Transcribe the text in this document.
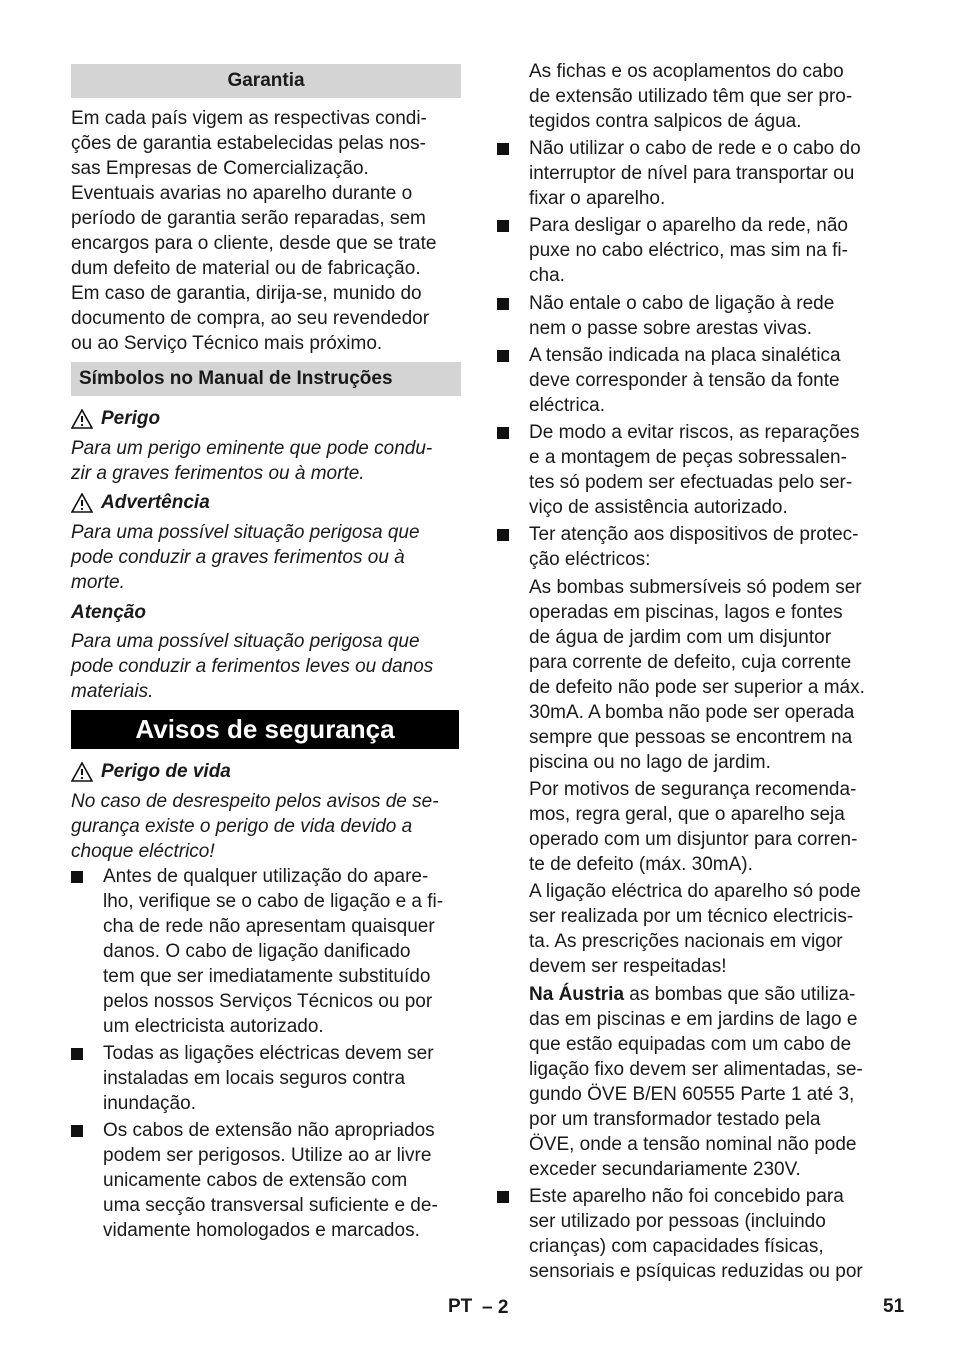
Garantia

Em cada país vigem as respectivas condi-

ções de garantia estabelecidas pelas nos-

sas Empresas de Comercialização.

Eventuais avarias no aparelho durante o

período de garantia serão reparadas, sem

encargos para o cliente, desde que se trate

dum defeito de material ou de fabricação.

Em caso de garantia, dirija-se, munido do

documento de compra, ao seu revendedor

ou ao Serviço Técnico mais próximo.

Símbolos no Manual de Instruções
Perigo

Para um perigo eminente que pode condu-

zir a graves ferimentos ou à morte.

Advertência

Para uma possível situação perigosa que

pode conduzir a graves ferimentos ou à

morte.

Atenção

Para uma possível situação perigosa que

pode conduzir a ferimentos leves ou danos

materiais.

Avisos de segurança
Perigo de vida

No caso de desrespeito pelos avisos de se-

gurança existe o perigo de vida devido a

choque eléctrico!

Antes de qualquer utilização do apare-

lho, verifique se o cabo de ligação e a fi-

cha de rede não apresentam quaisquer

danos. O cabo de ligação danificado

tem que ser imediatamente substituído

pelos nossos Serviços Técnicos ou por

um electricista autorizado.

Todas as ligações eléctricas devem ser

instaladas em locais seguros contra

inundação.

Os cabos de extensão não apropriados

podem ser perigosos. Utilize ao ar livre

unicamente cabos de extensão com

uma secção transversal suficiente e de-

vidamente homologados e marcados.

As fichas e os acoplamentos do cabo

de extensão utilizado têm que ser pro-

tegidos contra salpicos de água.

Não utilizar o cabo de rede e o cabo do

interruptor de nível para transportar ou

fixar o aparelho.

Para desligar o aparelho da rede, não

puxe no cabo eléctrico, mas sim na fi-

cha.

Não entale o cabo de ligação à rede

nem o passe sobre arestas vivas.

A tensão indicada na placa sinalética

deve corresponder à tensão da fonte

eléctrica.

De modo a evitar riscos, as reparações

e a montagem de peças sobressalen-

tes só podem ser efectuadas pelo ser-

viço de assistência autorizado.

Ter atenção aos dispositivos de protec-

ção eléctricos:

As bombas submersíveis só podem ser

operadas em piscinas, lagos e fontes

de água de jardim com um disjuntor

para corrente de defeito, cuja corrente

de defeito não pode ser superior a máx.

30mA. A bomba não pode ser operada

sempre que pessoas se encontrem na

piscina ou no lago de jardim.

Por motivos de segurança recomenda-

mos, regra geral, que o aparelho seja

operado com um disjuntor para corren-

te de defeito (máx. 30mA).

A ligação eléctrica do aparelho só pode

ser realizada por um técnico electricis-

ta. As prescrições nacionais em vigor

devem ser respeitadas!

Na Áustria as bombas que são utiliza-

das em piscinas e em jardins de lago e

que estão equipadas com um cabo de

ligação fixo devem ser alimentadas, se-

gundo ÖVE B/EN 60555 Parte 1 até 3,

por um transformador testado pela

ÖVE, onde a tensão nominal não pode

exceder secundariamente 230V.

Este aparelho não foi concebido para

ser utilizado por pessoas (incluindo

crianças) com capacidades físicas,

sensoriais e psíquicas reduzidas ou por

PT – 2	51
